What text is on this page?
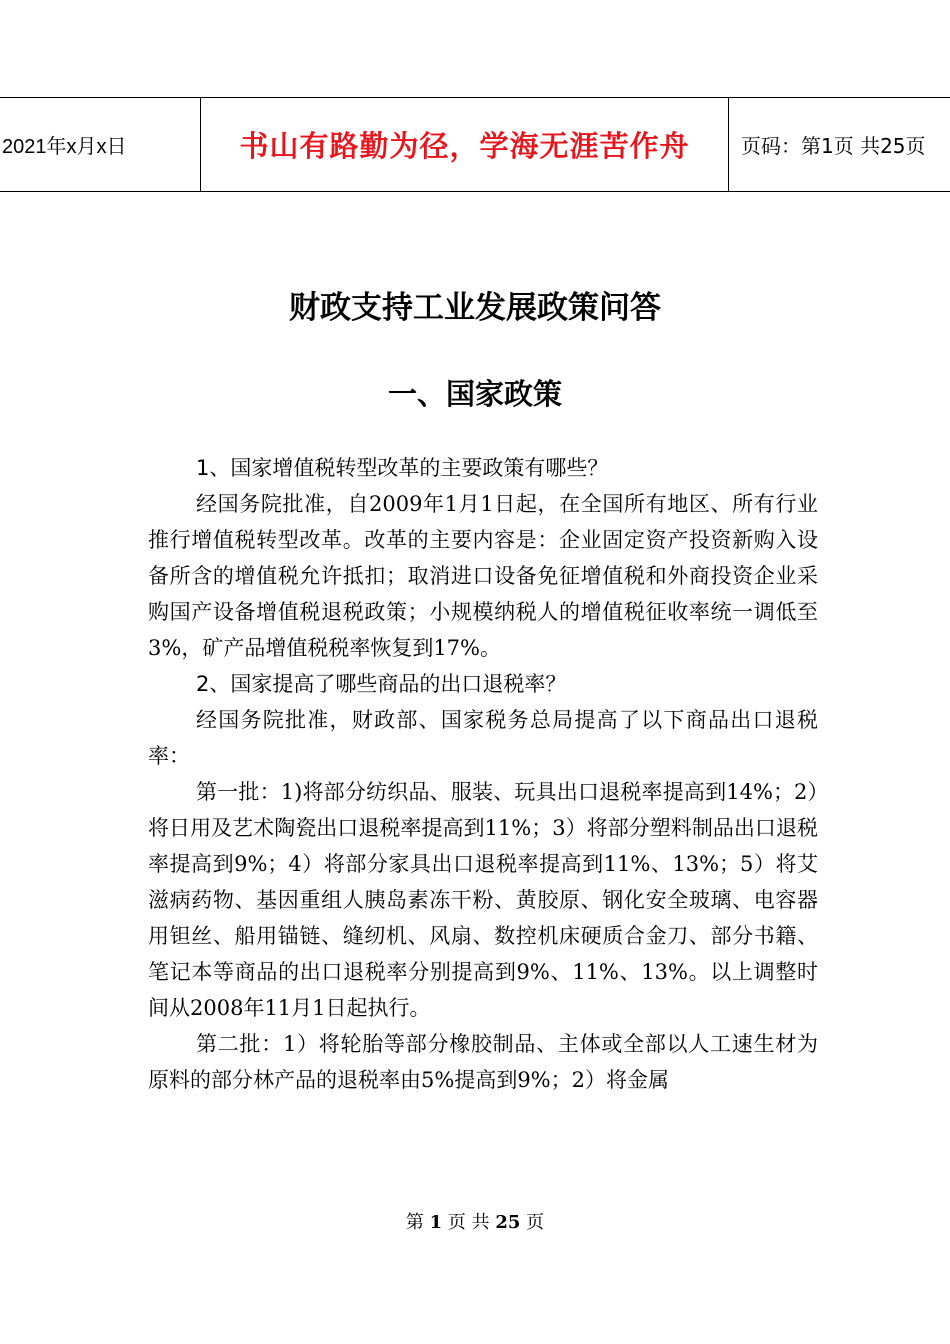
2021年x月x日	书山有路勤为径，学海无涯苦作舟	页码：第1页 共25页
财政支持工业发展政策问答
一、国家政策

1、国家增值税转型改革的主要政策有哪些？

经国务院批准，自2009年1月1日起，在全国所有地区、所有行业推行增值税转型改革。改革的主要内容是：企业固定资产投资新购入设备所含的增值税允许抵扣；取消进口设备免征增值税和外商投资企业采购国产设备增值税退税政策；小规模纳税人的增值税征收率统一调低至3%，矿产品增值税税率恢复到17%。

2、国家提高了哪些商品的出口退税率？

经国务院批准，财政部、国家税务总局提高了以下商品出口退税率：

第一批：1)将部分纺织品、服装、玩具出口退税率提高到14%；2）将日用及艺术陶瓷出口退税率提高到11%；3）将部分塑料制品出口退税率提高到9%；4）将部分家具出口退税率提高到11%、13%；5）将艾滋病药物、基因重组人胰岛素冻干粉、黄胶原、钢化安全玻璃、电容器用钽丝、船用锚链、缝纫机、风扇、数控机床硬质合金刀、部分书籍、笔记本等商品的出口退税率分别提高到9%、11%、13%。以上调整时间从2008年11月1日起执行。

第二批：1）将轮胎等部分橡胶制品、主体或全部以人工速生材为原料的部分林产品的退税率由5%提高到9%；2）将金属

第 1 页 共 25 页
